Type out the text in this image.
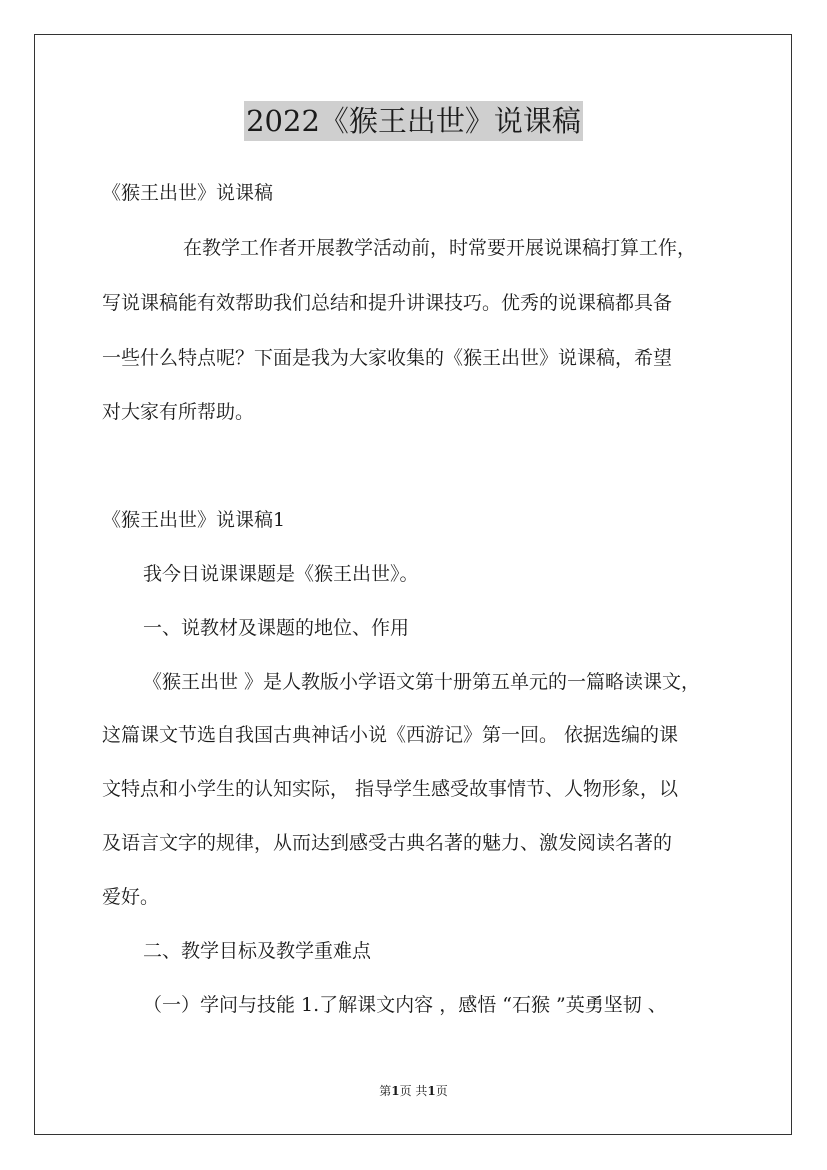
2022《猴王出世》说课稿
《猴王出世》说课稿
在教学工作者开展教学活动前，时常要开展说课稿打算工作，
写说课稿能有效帮助我们总结和提升讲课技巧。优秀的说课稿都具备
一些什么特点呢？下面是我为大家收集的《猴王出世》说课稿，希望
对大家有所帮助。
《猴王出世》说课稿1
我今日说课课题是《猴王出世》。
一、说教材及课题的地位、作用
《猴王出世 》是人教版小学语文第十册第五单元的一篇略读课文，
这篇课文节选自我国古典神话小说《西游记》第一回。 依据选编的课
文特点和小学生的认知实际， 指导学生感受故事情节、人物形象，以
及语言文字的规律，从而达到感受古典名著的魅力、激发阅读名著的
爱好。
二、教学目标及教学重难点
（一）学问与技能 1.了解课文内容 ，感悟 “石猴 ”英勇坚韧 、
第1页 共1页
